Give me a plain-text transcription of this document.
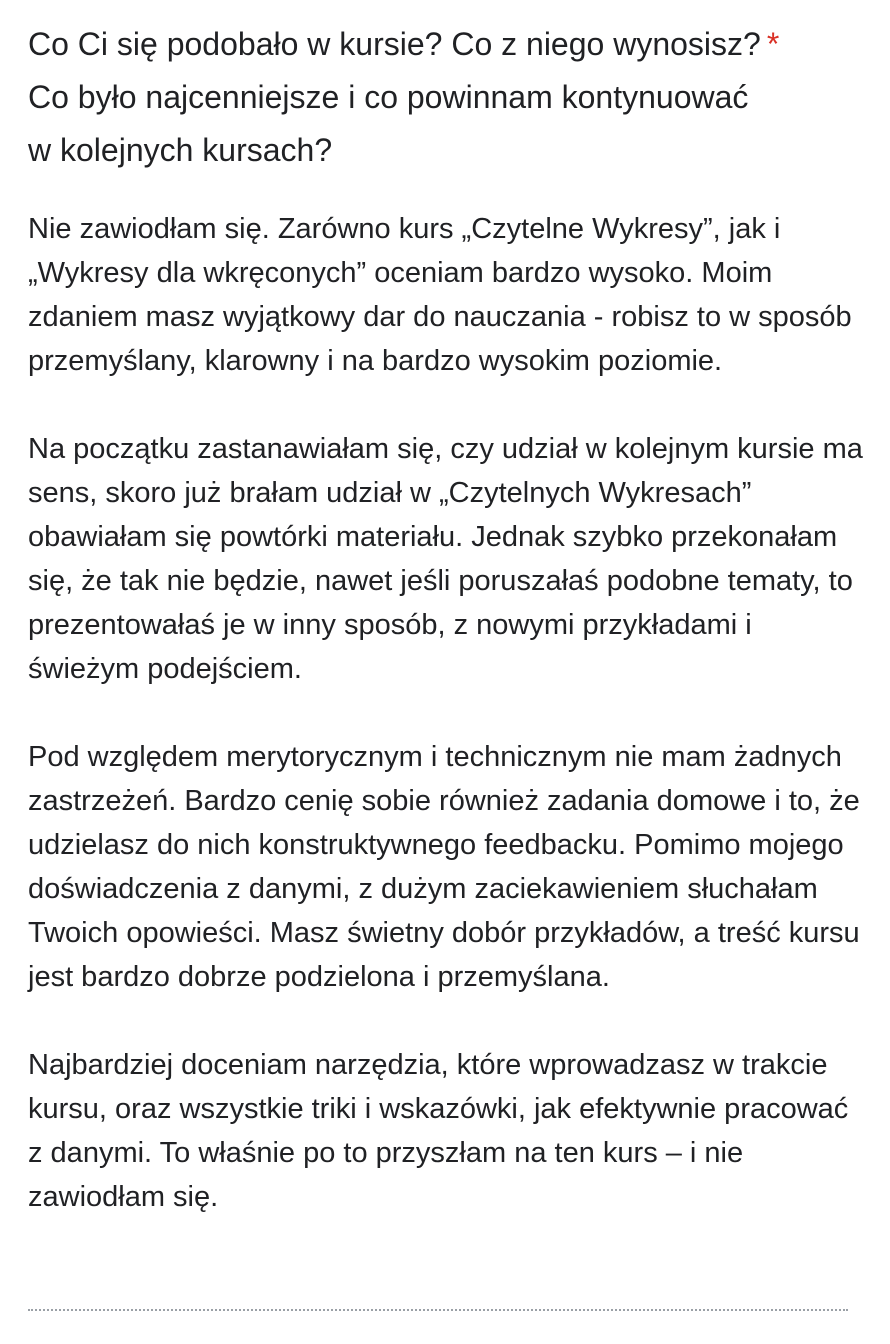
Co Ci się podobało w kursie? Co z niego wynosisz? *
Co było najcenniejsze i co powinnam kontynuować
w kolejnych kursach?

Nie zawiodłam się. Zarówno kurs „Czytelne Wykresy”, jak i „Wykresy dla wkręconych” oceniam bardzo wysoko. Moim zdaniem masz wyjątkowy dar do nauczania - robisz to w sposób przemyślany, klarowny i na bardzo wysokim poziomie.

Na początku zastanawiałam się, czy udział w kolejnym kursie ma sens, skoro już brałam udział w „Czytelnych Wykresach” obawiałam się powtórki materiału. Jednak szybko przekonałam się, że tak nie będzie, nawet jeśli poruszałaś podobne tematy, to prezentowałaś je w inny sposób, z nowymi przykładami i świeżym podejściem.

Pod względem merytorycznym i technicznym nie mam żadnych zastrzeżeń. Bardzo cenię sobie również zadania domowe i to, że udzielasz do nich konstruktywnego feedbacku. Pomimo mojego doświadczenia z danymi, z dużym zaciekawieniem słuchałam Twoich opowieści. Masz świetny dobór przykładów, a treść kursu jest bardzo dobrze podzielona i przemyślana.

Najbardziej doceniam narzędzia, które wprowadzasz w trakcie kursu, oraz wszystkie triki i wskazówki, jak efektywnie pracować z danymi. To właśnie po to przyszłam na ten kurs – i nie zawiodłam się.
